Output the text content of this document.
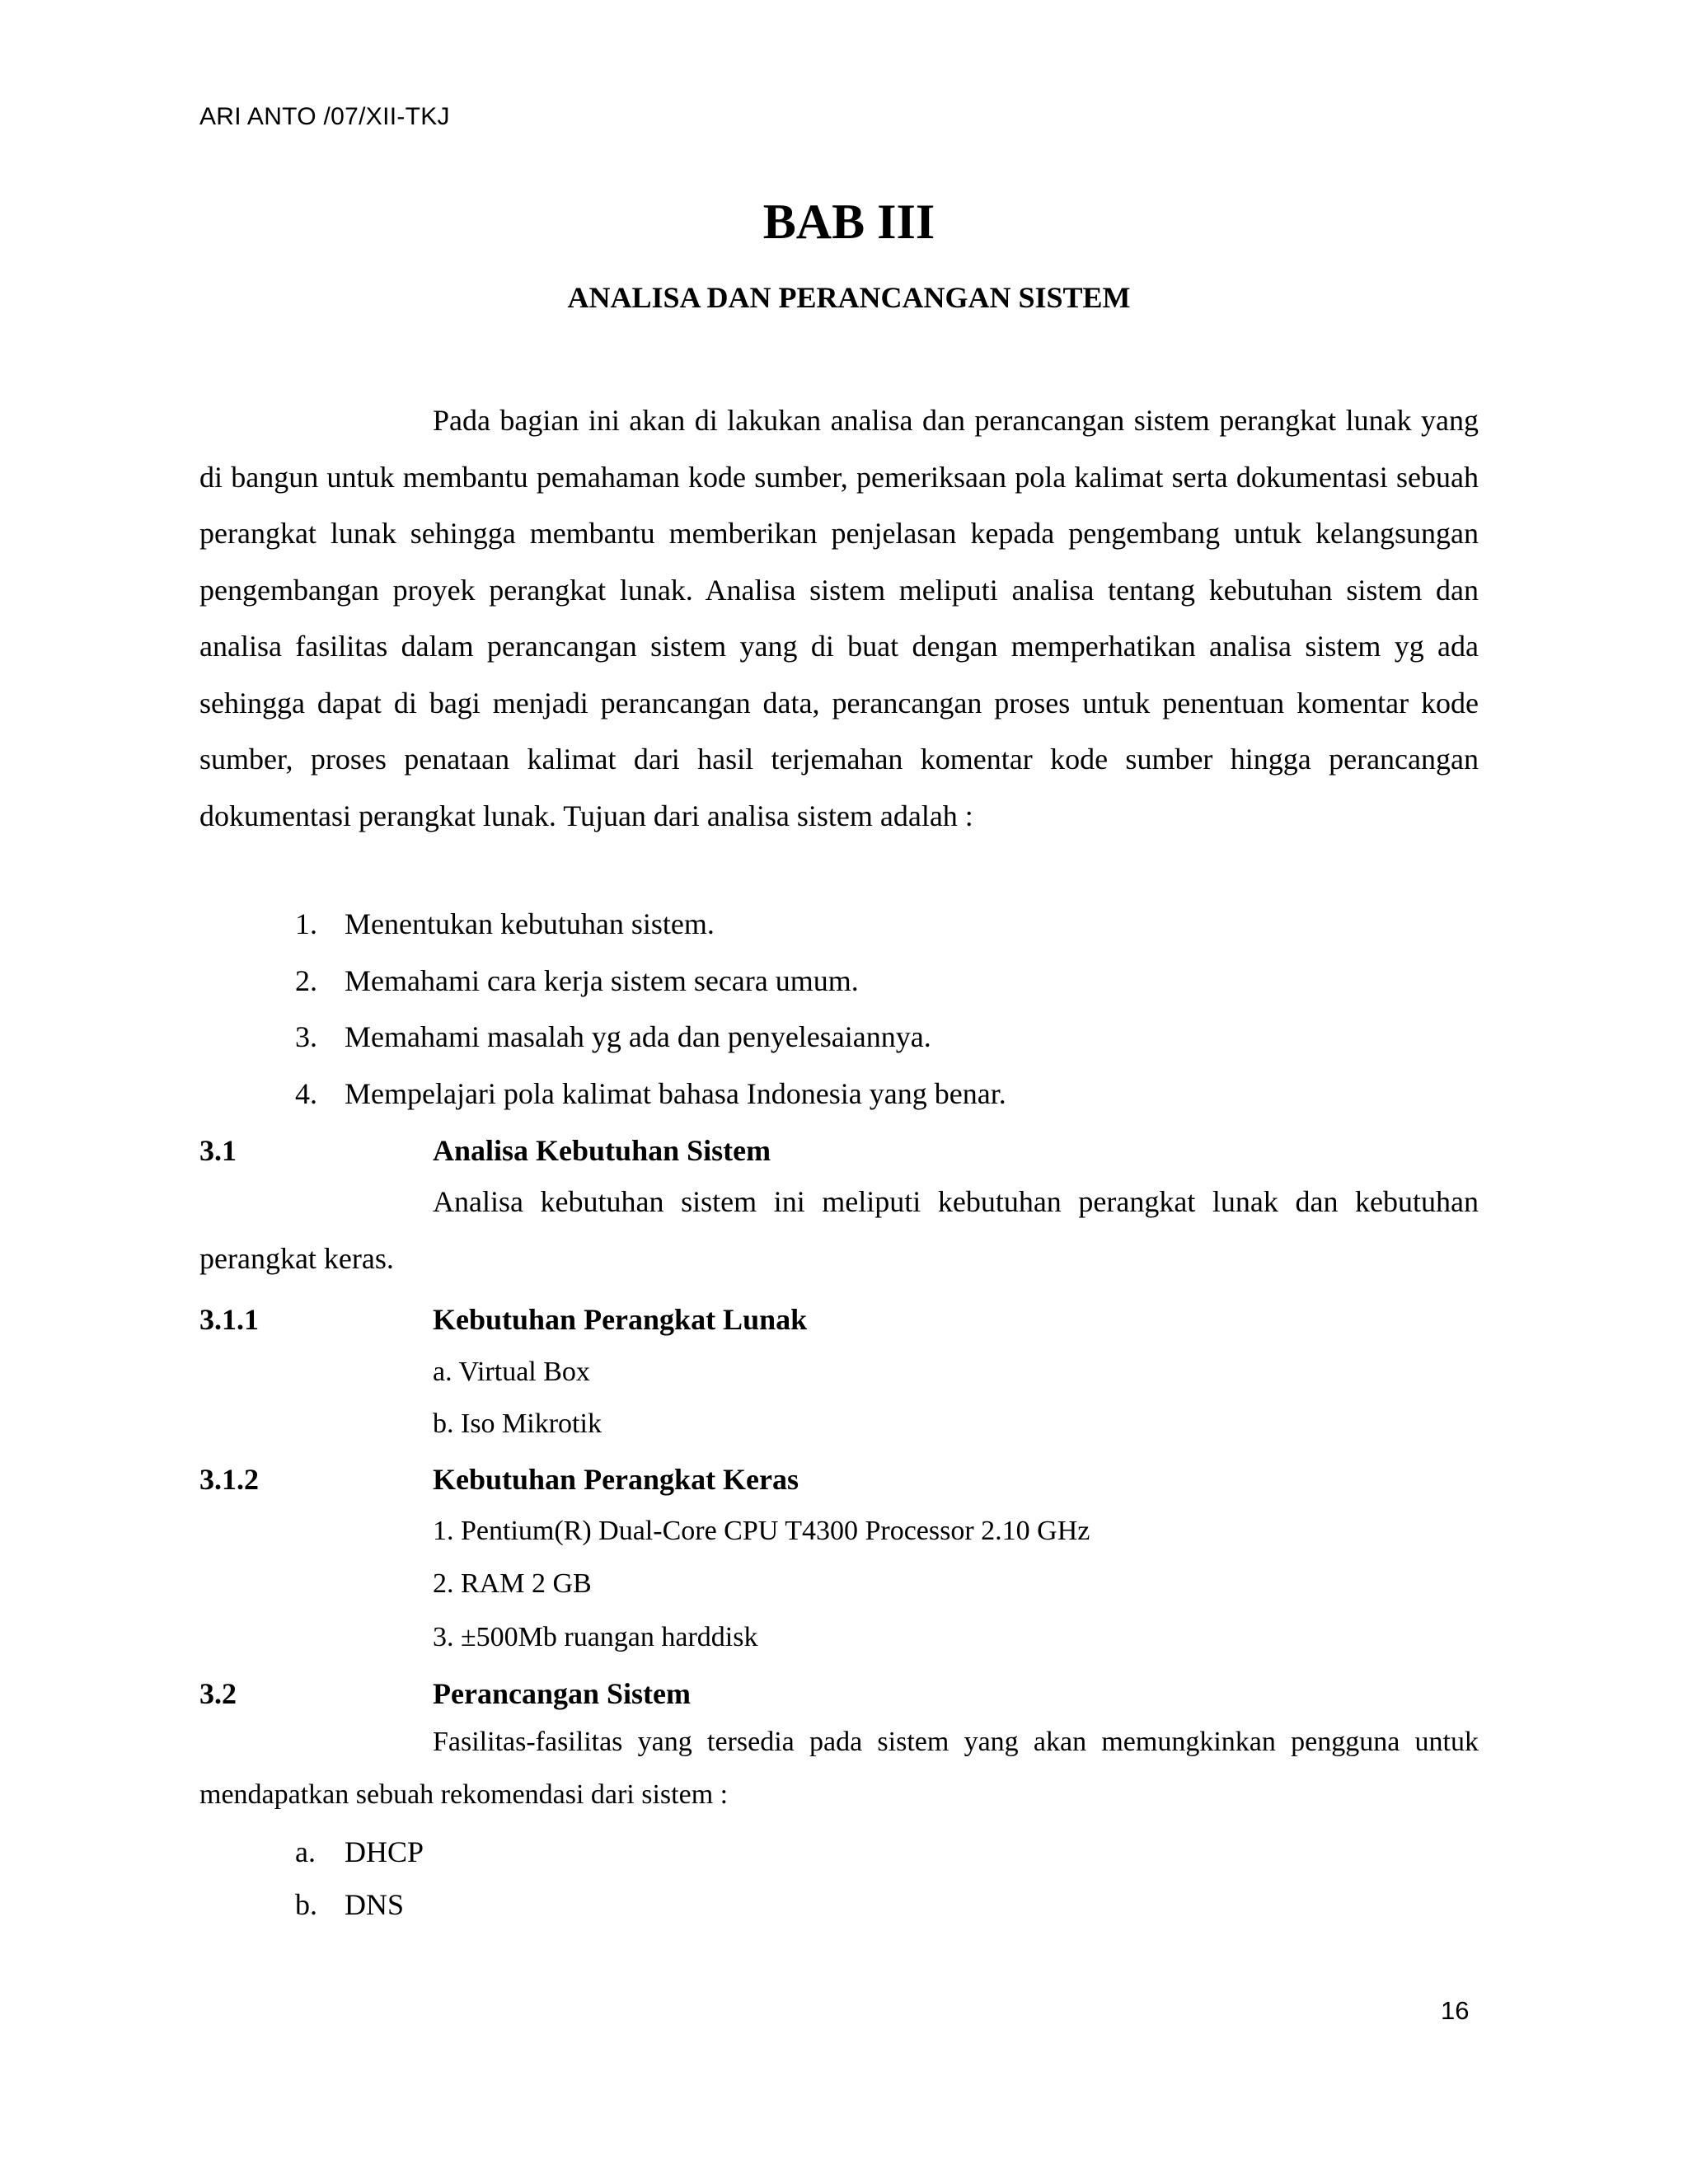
ARI ANTO /07/XII-TKJ
BAB III
ANALISA DAN PERANCANGAN SISTEM

Pada bagian ini akan di lakukan analisa dan perancangan sistem perangkat lunak yang di bangun untuk membantu pemahaman kode sumber, pemeriksaan pola kalimat serta dokumentasi sebuah perangkat lunak sehingga membantu memberikan penjelasan kepada pengembang untuk kelangsungan pengembangan proyek perangkat lunak. Analisa sistem meliputi analisa tentang kebutuhan sistem dan analisa fasilitas dalam perancangan sistem yang di buat dengan memperhatikan analisa sistem yg ada sehingga dapat di bagi menjadi perancangan data, perancangan proses untuk penentuan komentar kode sumber, proses penataan kalimat dari hasil terjemahan komentar kode sumber hingga perancangan dokumentasi perangkat lunak. Tujuan dari analisa sistem adalah :

1. Menentukan kebutuhan sistem.
2. Memahami cara kerja sistem secara umum.
3. Memahami masalah yg ada dan penyelesaiannya.
4. Mempelajari pola kalimat bahasa Indonesia yang benar.
3.1	Analisa Kebutuhan Sistem

Analisa kebutuhan sistem ini meliputi kebutuhan perangkat lunak dan kebutuhan perangkat keras.

3.1.1	Kebutuhan Perangkat Lunak
a. Virtual Box
b. Iso Mikrotik
3.1.2	Kebutuhan Perangkat Keras
1. Pentium(R) Dual-Core CPU T4300 Processor 2.10 GHz
2. RAM 2 GB
3. ±500Mb ruangan harddisk
3.2	Perancangan Sistem

Fasilitas-fasilitas yang tersedia pada sistem yang akan memungkinkan pengguna untuk mendapatkan sebuah rekomendasi dari sistem :

a. DHCP
b. DNS
16
